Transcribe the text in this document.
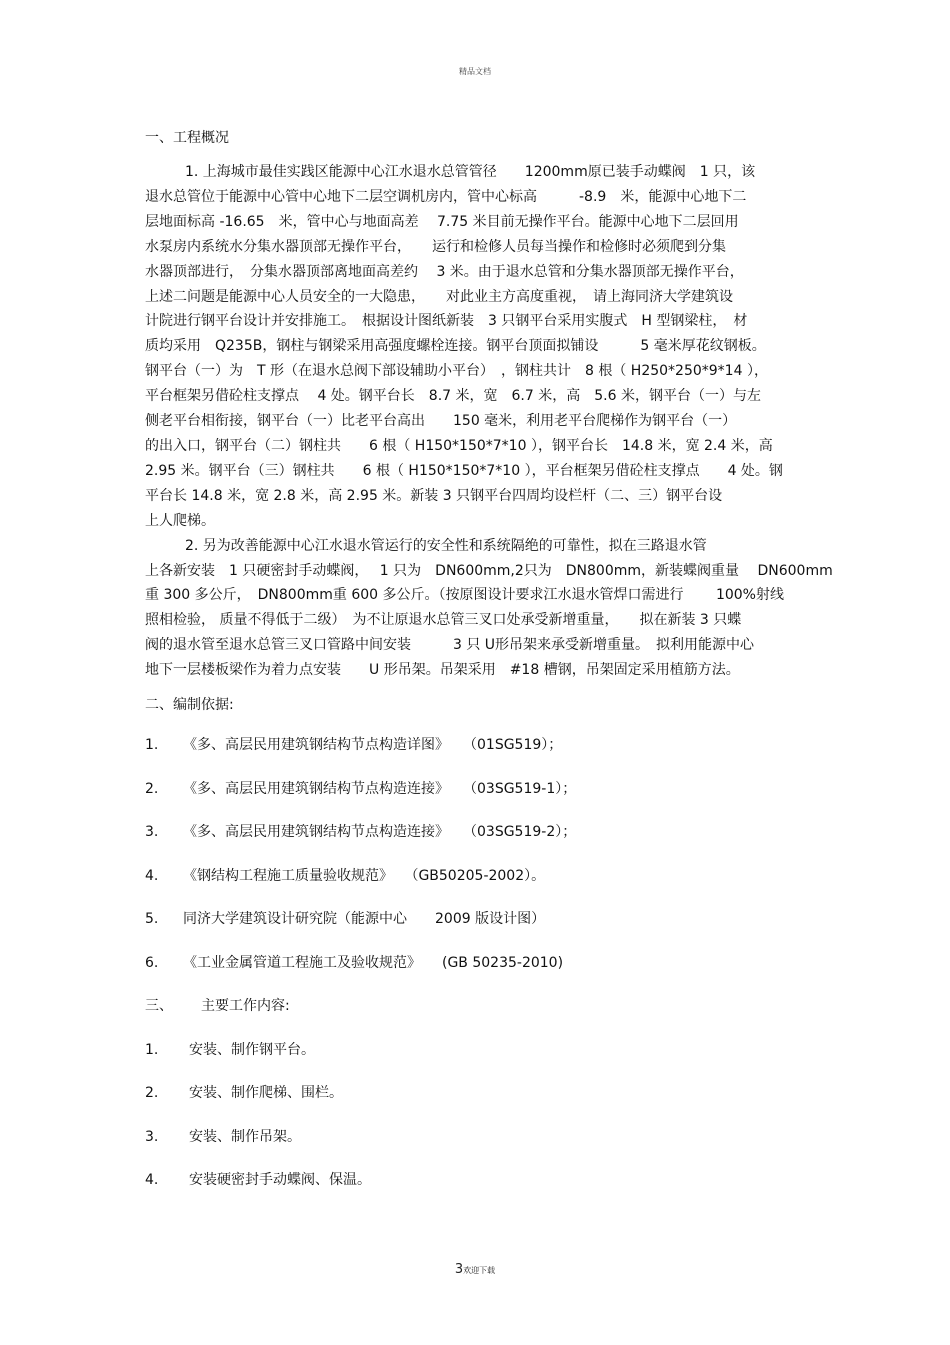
精品文档
一、工程概况

1. 上海城市最佳实践区能源中心江水退水总管管径　　1200mm原已装手动蝶阀　1 只，该

退水总管位于能源中心管中心地下二层空调机房内，管中心标高　　　-8.9　米，能源中心地下二

层地面标高 -16.65　米，管中心与地面高差　 7.75 米目前无操作平台。能源中心地下二层回用

水泵房内系统水分集水器顶部无操作平台，　　运行和检修人员每当操作和检修时必须爬到分集

水器顶部进行，　分集水器顶部离地面高差约　 3 米。由于退水总管和分集水器顶部无操作平台，

上述二问题是能源中心人员安全的一大隐患，　　对此业主方高度重视，　请上海同济大学建筑设

计院进行钢平台设计并安排施工。　根据设计图纸新装　3 只钢平台采用实腹式　H 型钢梁柱，　材

质均采用　Q235B，钢柱与钢梁采用高强度螺栓连接。钢平台顶面拟铺设　　　5 毫米厚花纹钢板。

钢平台（一）为　T 形（在退水总阀下部设辅助小平台）　，钢柱共计　8 根（ H250*250*9*14 ），

平台框架另借砼柱支撑点　 4 处。钢平台长　8.7 米，宽　6.7 米，高　5.6 米，钢平台（一）与左

侧老平台相衔接，钢平台（一）比老平台高出　　150 毫米，利用老平台爬梯作为钢平台（一）

的出入口，钢平台（二）钢柱共　　6 根（ H150*150*7*10 ），钢平台长　14.8 米，宽 2.4 米，高

2.95 米。钢平台（三）钢柱共　　6 根（ H150*150*7*10 ），平台框架另借砼柱支撑点　　4 处。钢

平台长 14.8 米，宽 2.8 米，高 2.95 米。新装 3 只钢平台四周均设栏杆（二、三）钢平台设

上人爬梯。

2. 另为改善能源中心江水退水管运行的安全性和系统隔绝的可靠性，拟在三路退水管

上各新安装　1 只硬密封手动蝶阀，　 1 只为　DN600mm,2只为　DN800mm，新装蝶阀重量　 DN600mm

重 300 多公斤，　DN800mm重 600 多公斤。（按原图设计要求江水退水管焊口需进行　　 100%射线

照相检验， 质量不得低于二级）　为不让原退水总管三叉口处承受新增重量，　　拟在新装 3 只蝶

阀的退水管至退水总管三叉口管路中间安装　　　3 只 U形吊架来承受新增重量。　拟利用能源中心

地下一层楼板梁作为着力点安装　　U 形吊架。吊架采用　#18 槽钢，吊架固定采用植筋方法。

二、编制依据:

1. 《多、高层民用建筑钢结构节点构造详图》　　（01SG519）；

2. 《多、高层民用建筑钢结构节点构造连接》　　（03SG519-1）；

3. 《多、高层民用建筑钢结构节点构造连接》　　（03SG519-2）；

4. 《钢结构工程施工质量验收规范》　 （GB50205-2002）。

5. 同济大学建筑设计研究院（能源中心　　2009 版设计图）

6. 《工业金属管道工程施工及验收规范》　　(GB 50235-2010)

三、 主要工作内容:

1. 安装、制作钢平台。

2. 安装、制作爬梯、围栏。

3. 安装、制作吊架。

4. 安装硬密封手动蝶阀、保温。

3欢迎下载
